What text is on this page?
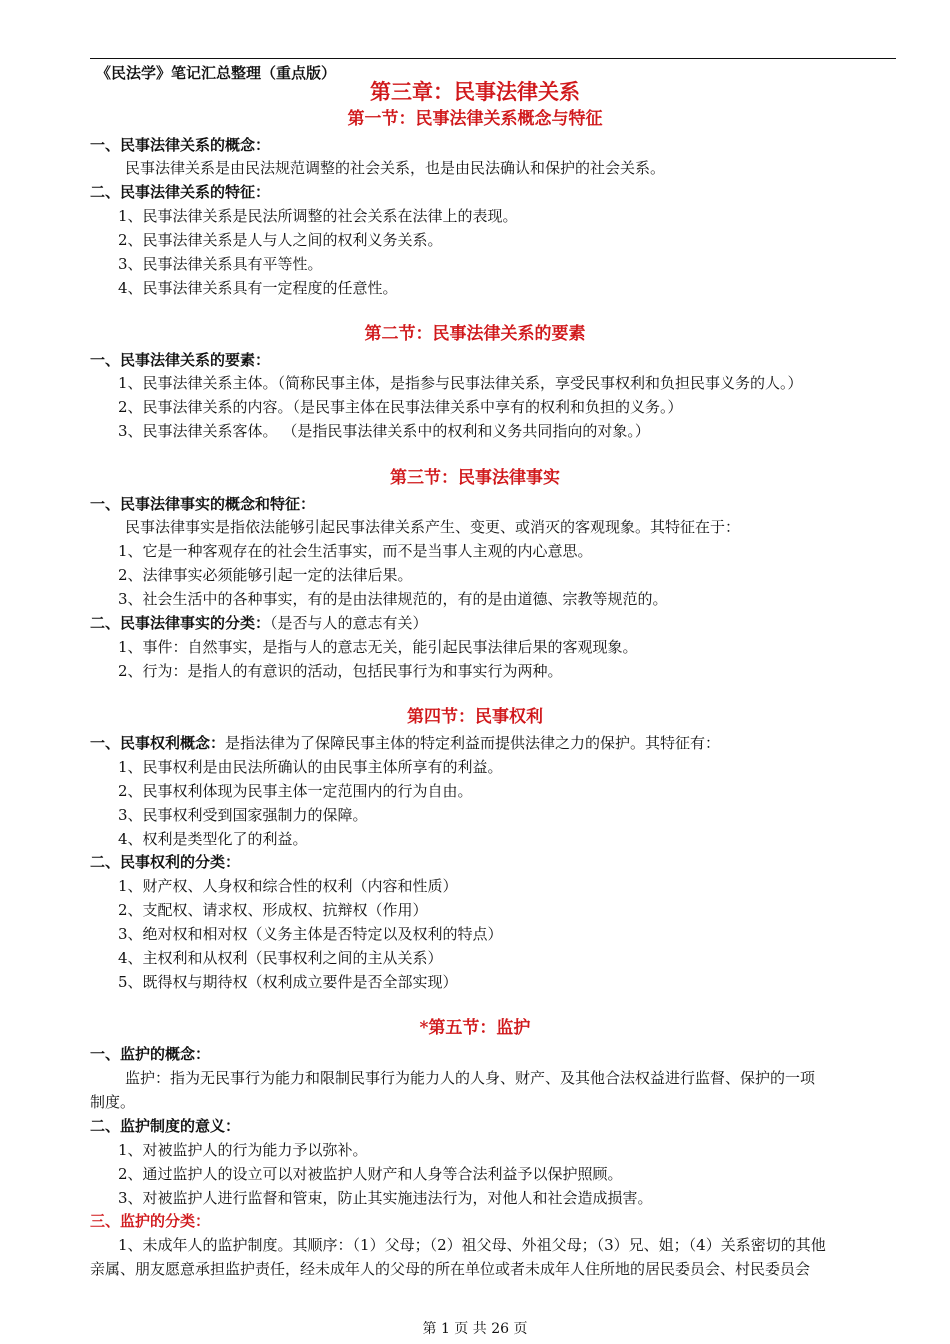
《民法学》笔记汇总整理（重点版）
第三章：民事法律关系
第一节：民事法律关系概念与特征
一、民事法律关系的概念：
民事法律关系是由民法规范调整的社会关系，也是由民法确认和保护的社会关系。
二、民事法律关系的特征：
1、民事法律关系是民法所调整的社会关系在法律上的表现。
2、民事法律关系是人与人之间的权利义务关系。
3、民事法律关系具有平等性。
4、民事法律关系具有一定程度的任意性。
第二节：民事法律关系的要素
一、民事法律关系的要素：
1、民事法律关系主体。（简称民事主体，是指参与民事法律关系，享受民事权利和负担民事义务的人。）
2、民事法律关系的内容。（是民事主体在民事法律关系中享有的权利和负担的义务。）
3、民事法律关系客体。 （是指民事法律关系中的权利和义务共同指向的对象。）
第三节：民事法律事实
一、民事法律事实的概念和特征：
民事法律事实是指依法能够引起民事法律关系产生、变更、或消灭的客观现象。其特征在于：
1、它是一种客观存在的社会生活事实，而不是当事人主观的内心意思。
2、法律事实必须能够引起一定的法律后果。
3、社会生活中的各种事实，有的是由法律规范的，有的是由道德、宗教等规范的。
二、民事法律事实的分类：（是否与人的意志有关）
1、事件：自然事实，是指与人的意志无关，能引起民事法律后果的客观现象。
2、行为：是指人的有意识的活动，包括民事行为和事实行为两种。
第四节：民事权利
一、民事权利概念：是指法律为了保障民事主体的特定利益而提供法律之力的保护。其特征有：
1、民事权利是由民法所确认的由民事主体所享有的利益。
2、民事权利体现为民事主体一定范围内的行为自由。
3、民事权利受到国家强制力的保障。
4、权利是类型化了的利益。
二、民事权利的分类：
1、财产权、人身权和综合性的权利（内容和性质）
2、支配权、请求权、形成权、抗辩权（作用）
3、绝对权和相对权（义务主体是否特定以及权利的特点）
4、主权利和从权利（民事权利之间的主从关系）
5、既得权与期待权（权利成立要件是否全部实现）
*第五节：监护
一、监护的概念：
监护：指为无民事行为能力和限制民事行为能力人的人身、财产、及其他合法权益进行监督、保护的一项
制度。
二、监护制度的意义：
1、对被监护人的行为能力予以弥补。
2、通过监护人的设立可以对被监护人财产和人身等合法利益予以保护照顾。
3、对被监护人进行监督和管束，防止其实施违法行为，对他人和社会造成损害。
三、监护的分类：
1、未成年人的监护制度。其顺序：（1）父母；（2）祖父母、外祖父母；（3）兄、姐；（4）关系密切的其他
亲属、朋友愿意承担监护责任，经未成年人的父母的所在单位或者未成年人住所地的居民委员会、村民委员会
第 1 页 共 26 页
